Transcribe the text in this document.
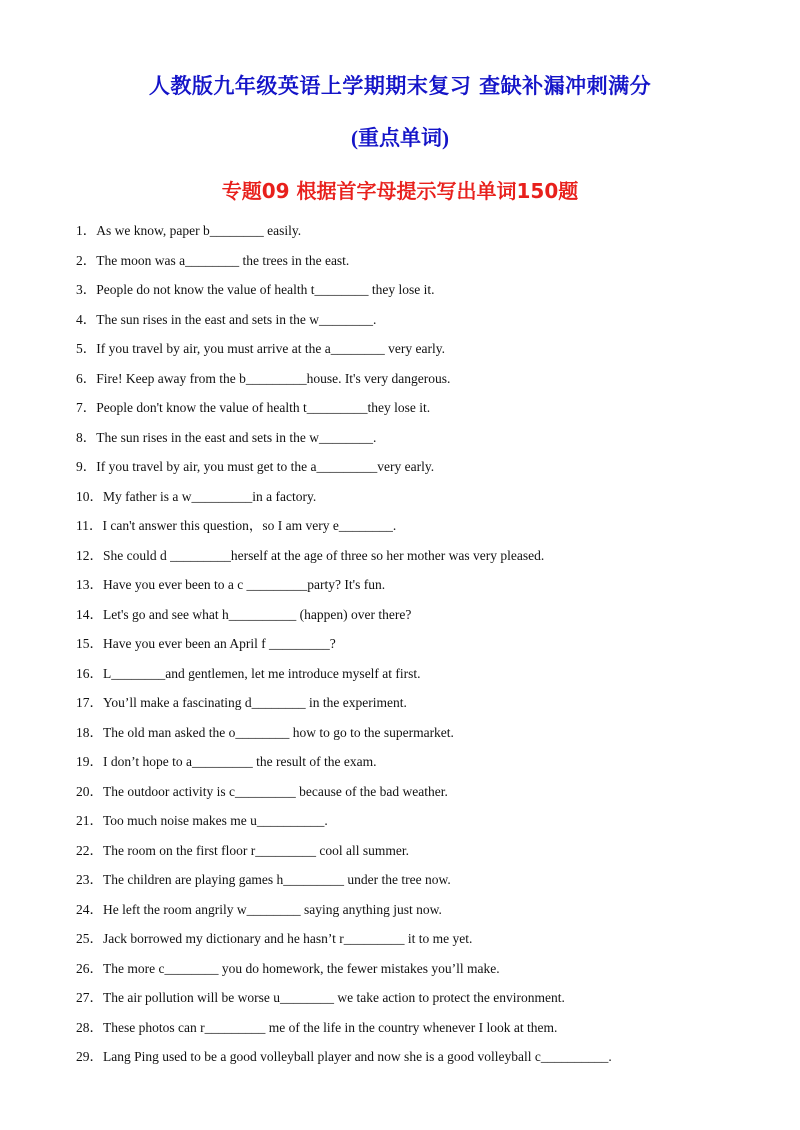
人教版九年级英语上学期期末复习 查缺补漏冲刺满分
(重点单词)
专题09 根据首字母提示写出单词150题
1．As we know, paper b________ easily.
2．The moon was a________ the trees in the east.
3．People do not know the value of health t________ they lose it.
4．The sun rises in the east and sets in the w________.
5．If you travel by air, you must arrive at the a________ very early.
6．Fire! Keep away from the b_________house. It's very dangerous.
7．People don't know the value of health t_________they lose it.
8．The sun rises in the east and sets in the w________.
9．If you travel by air, you must get to the a_________very early.
10．My father is a w_________in a factory.
11．I can't answer this question，so I am very e________.
12．She could d _________herself at the age of three so her mother was very pleased.
13．Have you ever been to a c _________party? It's fun.
14．Let's go and see what h__________ (happen) over there?
15．Have you ever been an April f _________?
16．L________and gentlemen, let me introduce myself at first.
17．You’ll make a fascinating d________ in the experiment.
18．The old man asked the o________ how to go to the supermarket.
19．I don’t hope to a_________ the result of the exam.
20．The outdoor activity is c_________ because of the bad weather.
21．Too much noise makes me u__________.
22．The room on the first floor r_________ cool all summer.
23．The children are playing games h_________ under the tree now.
24．He left the room angrily w________ saying anything just now.
25．Jack borrowed my dictionary and he hasn’t r_________ it to me yet.
26．The more c________ you do homework, the fewer mistakes you’ll make.
27．The air pollution will be worse u________ we take action to protect the environment.
28．These photos can r_________ me of the life in the country whenever I look at them.
29．Lang Ping used to be a good volleyball player and now she is a good volleyball c__________.
